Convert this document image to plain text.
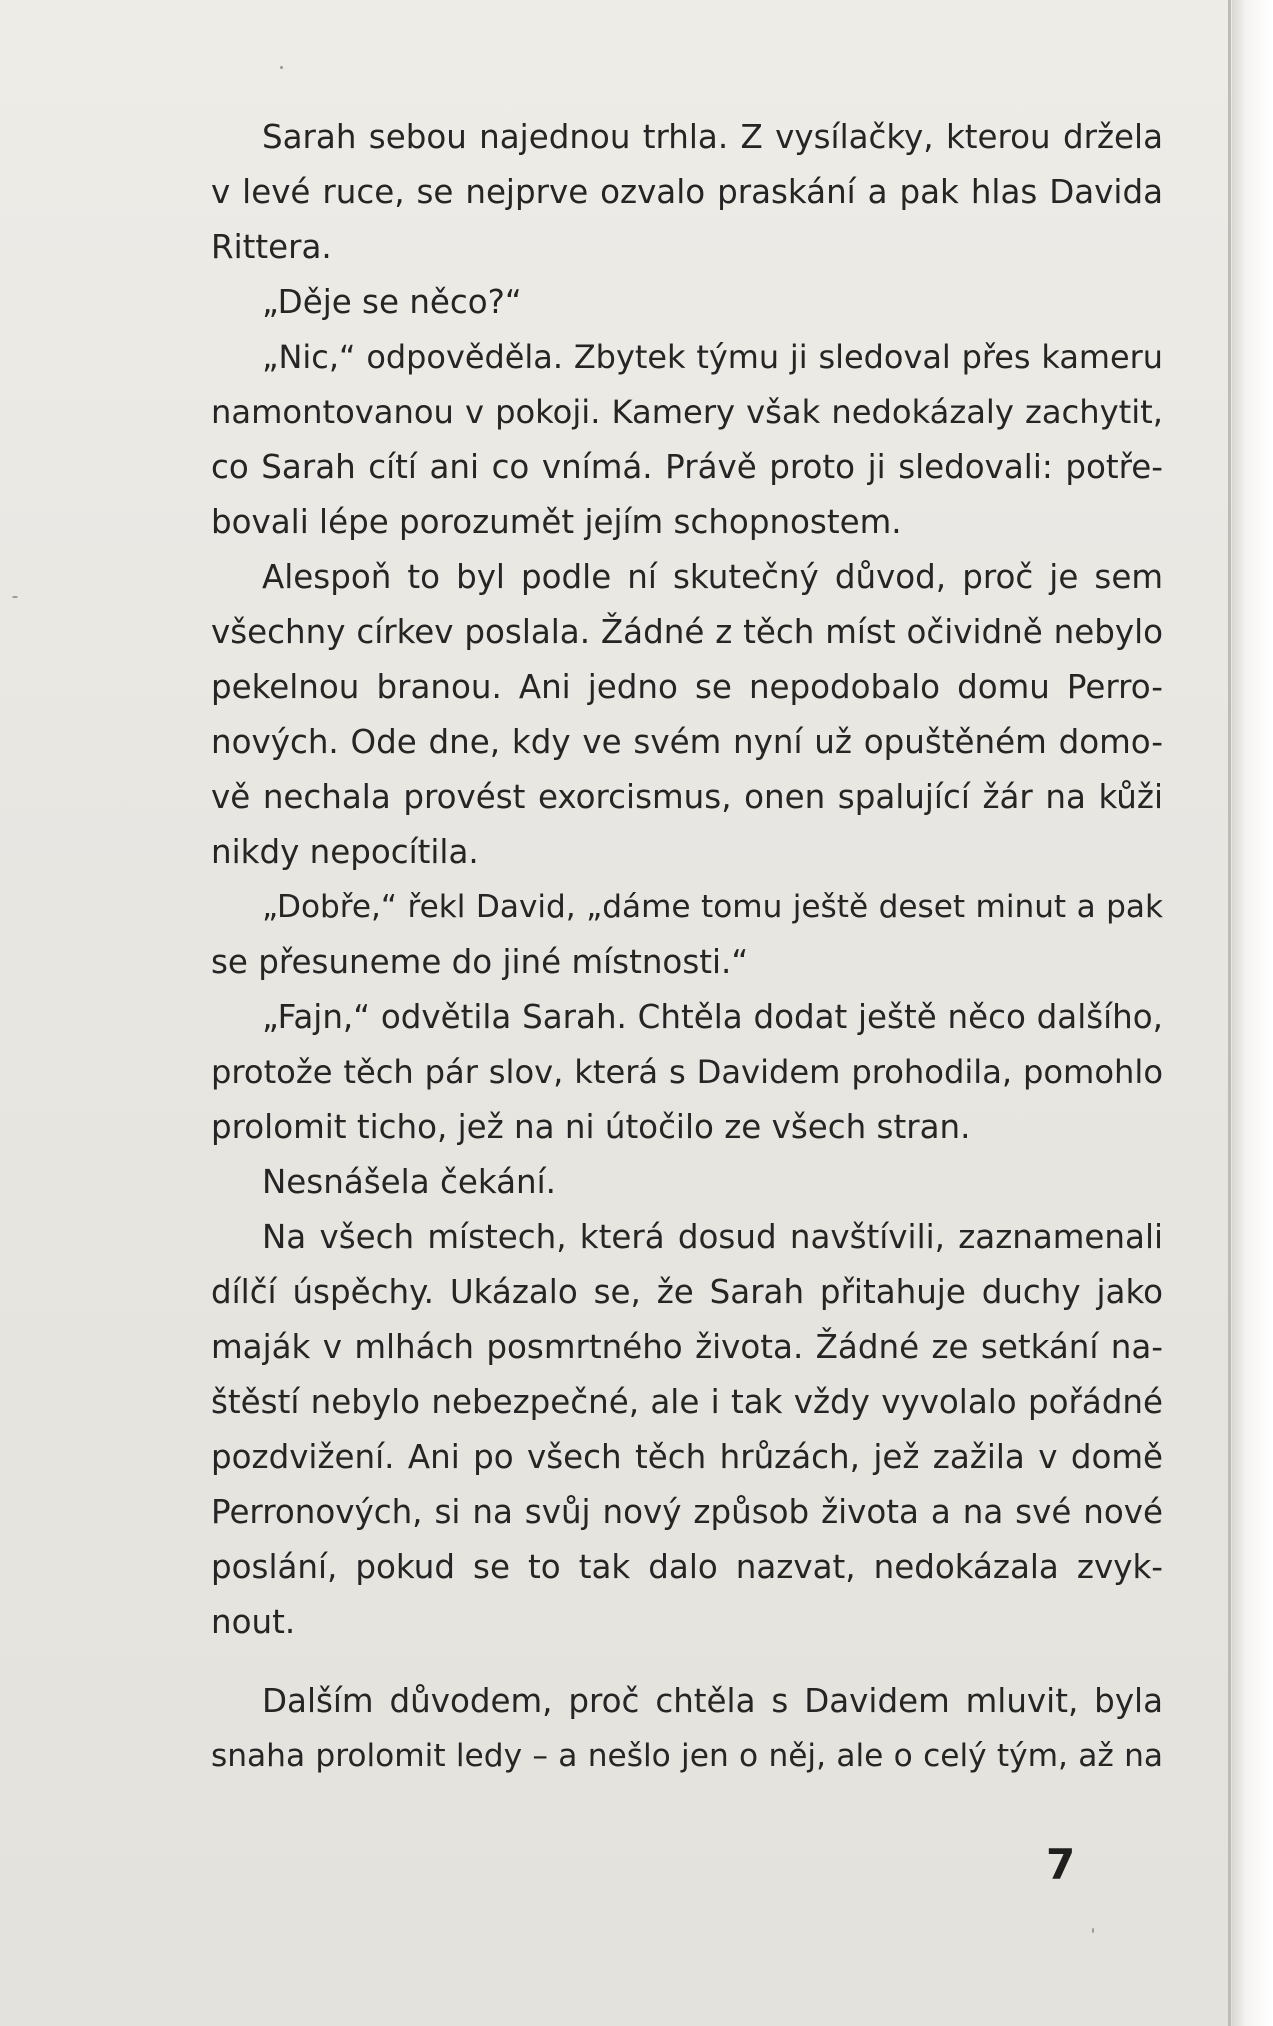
Sarah sebou najednou trhla. Z vysílačky, kterou držela
v levé ruce, se nejprve ozvalo praskání a pak hlas Davida
Rittera.
„Děje se něco?“
„Nic,“ odpověděla. Zbytek týmu ji sledoval přes kameru
namontovanou v pokoji. Kamery však nedokázaly zachytit,
co Sarah cítí ani co vnímá. Právě proto ji sledovali: potře-
bovali lépe porozumět jejím schopnostem.
Alespoň to byl podle ní skutečný důvod, proč je sem
všechny církev poslala. Žádné z těch míst očividně nebylo
pekelnou branou. Ani jedno se nepodobalo domu Perro-
nových. Ode dne, kdy ve svém nyní už opuštěném domo-
vě nechala provést exorcismus, onen spalující žár na kůži
nikdy nepocítila.
„Dobře,“ řekl David, „dáme tomu ještě deset minut a pak
se přesuneme do jiné místnosti.“
„Fajn,“ odvětila Sarah. Chtěla dodat ještě něco dalšího,
protože těch pár slov, která s Davidem prohodila, pomohlo
prolomit ticho, jež na ni útočilo ze všech stran.
Nesnášela čekání.
Na všech místech, která dosud navštívili, zaznamenali
dílčí úspěchy. Ukázalo se, že Sarah přitahuje duchy jako
maják v mlhách posmrtného života. Žádné ze setkání na-
štěstí nebylo nebezpečné, ale i tak vždy vyvolalo pořádné
pozdvižení. Ani po všech těch hrůzách, jež zažila v domě
Perronových, si na svůj nový způsob života a na své nové
poslání, pokud se to tak dalo nazvat, nedokázala zvyk-
nout.
Dalším důvodem, proč chtěla s Davidem mluvit, byla
snaha prolomit ledy – a nešlo jen o něj, ale o celý tým, až na
7
